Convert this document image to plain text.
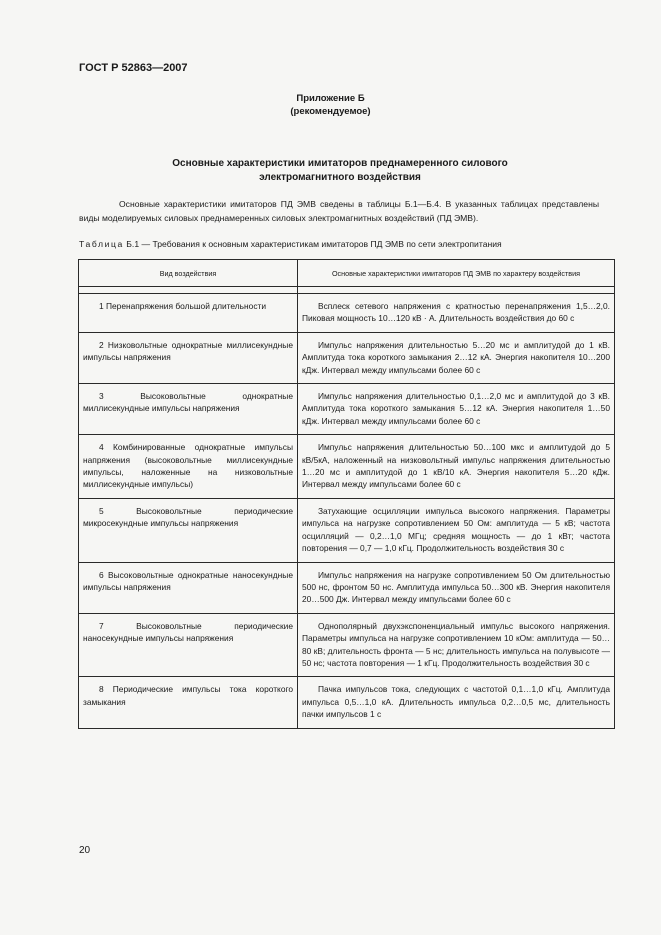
ГОСТ Р 52863—2007
Приложение Б
(рекомендуемое)
Основные характеристики имитаторов преднамеренного силового
электромагнитного воздействия
Основные характеристики имитаторов ПД ЭМВ сведены в таблицы Б.1—Б.4. В указанных таблицах представлены виды моделируемых силовых преднамеренных силовых электромагнитных воздействий (ПД ЭМВ).
Таблица Б.1 — Требования к основным характеристикам имитаторов ПД ЭМВ по сети электропитания
Вид воздействия	Основные характеристики имитаторов ПД ЭМВ по характеру воздействия

1 Перенапряжения большой длительности	Всплеск сетевого напряжения с кратностью перенапряжения 1,5…2,0. Пиковая мощность 10…120 кВ · А. Длительность воздействия до 60 с
2 Низковольтные однократные миллисекундные импульсы напряжения	Импульс напряжения длительностью 5…20 мс и амплитудой до 1 кВ. Амплитуда тока короткого замыкания 2…12 кА. Энергия накопителя 10…200 кДж. Интервал между импульсами более 60 с
3 Высоковольтные однократные миллисекундные импульсы напряжения	Импульс напряжения длительностью 0,1…2,0 мс и амплитудой до 3 кВ. Амплитуда тока короткого замыкания 5…12 кА. Энергия накопителя 1…50 кДж. Интервал между импульсами более 60 с
4 Комбинированные однократные импульсы напряжения (высоковольтные миллисекундные импульсы, наложенные на низковольтные миллисекундные импульсы)	Импульс напряжения длительностью 50…100 мкс и амплитудой до 5 кВ/5кА, наложенный на низковольтный импульс напряжения длительностью 1…20 мс и амплитудой до 1 кВ/10 кА. Энергия накопителя 5…20 кДж. Интервал между импульсами более 60 с
5 Высоковольтные периодические микросекундные импульсы напряжения	Затухающие осцилляции импульса высокого напряжения. Параметры импульса на нагрузке сопротивлением 50 Ом: амплитуда — 5 кВ; частота осцилляций — 0,2…1,0 МГц; средняя мощность — до 1 кВт; частота повторения — 0,7 — 1,0 кГц. Продолжительность воздействия 30 с
6 Высоковольтные однократные наносекундные импульсы напряжения	Импульс напряжения на нагрузке сопротивлением 50 Ом длительностью 500 нс, фронтом 50 нс. Амплитуда импульса 50…300 кВ. Энергия накопителя 20…500 Дж. Интервал между импульсами более 60 с
7 Высоковольтные периодические наносекундные импульсы напряжения	Однополярный двухэкспоненциальный импульс высокого напряжения. Параметры импульса на нагрузке сопротивлением 10 кОм: амплитуда — 50…80 кВ; длительность фронта — 5 нс; длительность импульса на полувысоте — 50 нс; частота повторения — 1 кГц. Продолжительность воздействия 30 с
8 Периодические импульсы тока короткого замыкания	Пачка импульсов тока, следующих с частотой 0,1…1,0 кГц. Амплитуда импульса 0,5…1,0 кА. Длительность импульса 0,2…0,5 мс, длительность пачки импульсов 1 с
20
